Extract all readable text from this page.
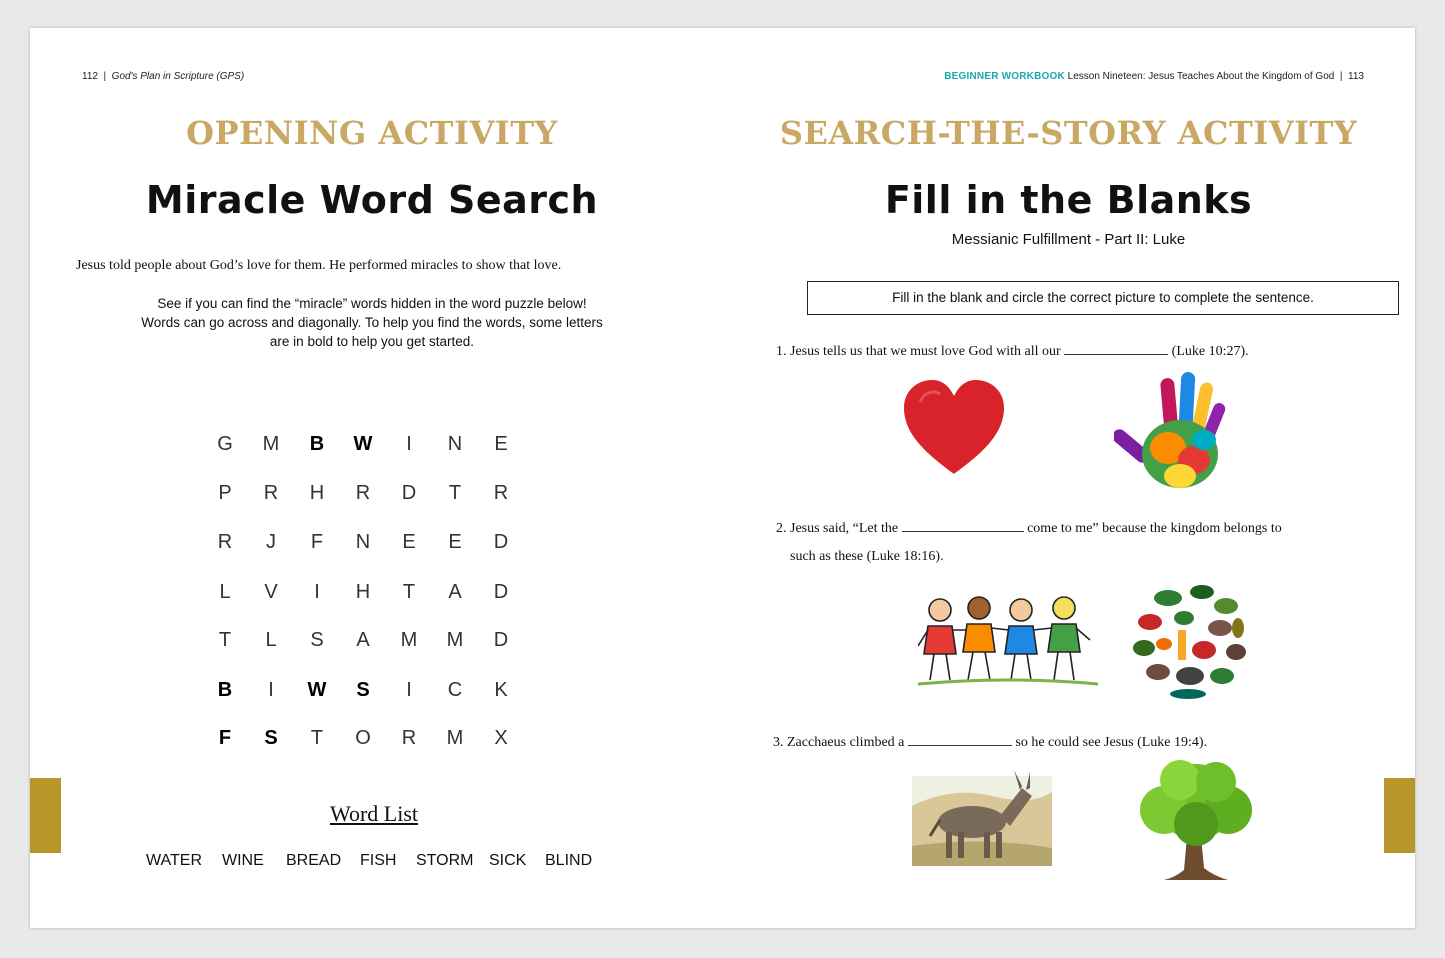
112  |  God's Plan in Scripture (GPS)
OPENING ACTIVITY
Miracle Word Search
Jesus told people about God’s love for them. He performed miracles to show that love.
See if you can find the “miracle” words hidden in the word puzzle below!
Words can go across and diagonally. To help you find the words, some letters
are in bold to help you get started.
G	M	B	W	I	N	E
P	R	H	R	D	T	R
R	J	F	N	E	E	D
L	V	I	H	T	A	D
T	L	S	A	M	M	D
B	I	W	S	I	C	K
F	S	T	O	R	M	X
Word List
WATER WINE BREAD FISH STORM SICK BLIND
BEGINNER WORKBOOK Lesson Nineteen: Jesus Teaches About the Kingdom of God  |  113
SEARCH-THE-STORY ACTIVITY
Fill in the Blanks
Messianic Fulfillment - Part II: Luke
Fill in the blank and circle the correct picture to complete the sentence.
1. Jesus tells us that we must love God with all our	(Luke 10:27).
2. Jesus said, “Let the	come to me” because the kingdom belongs to
such as these (Luke 18:16).
3. Zacchaeus climbed a	so he could see Jesus (Luke 19:4).
